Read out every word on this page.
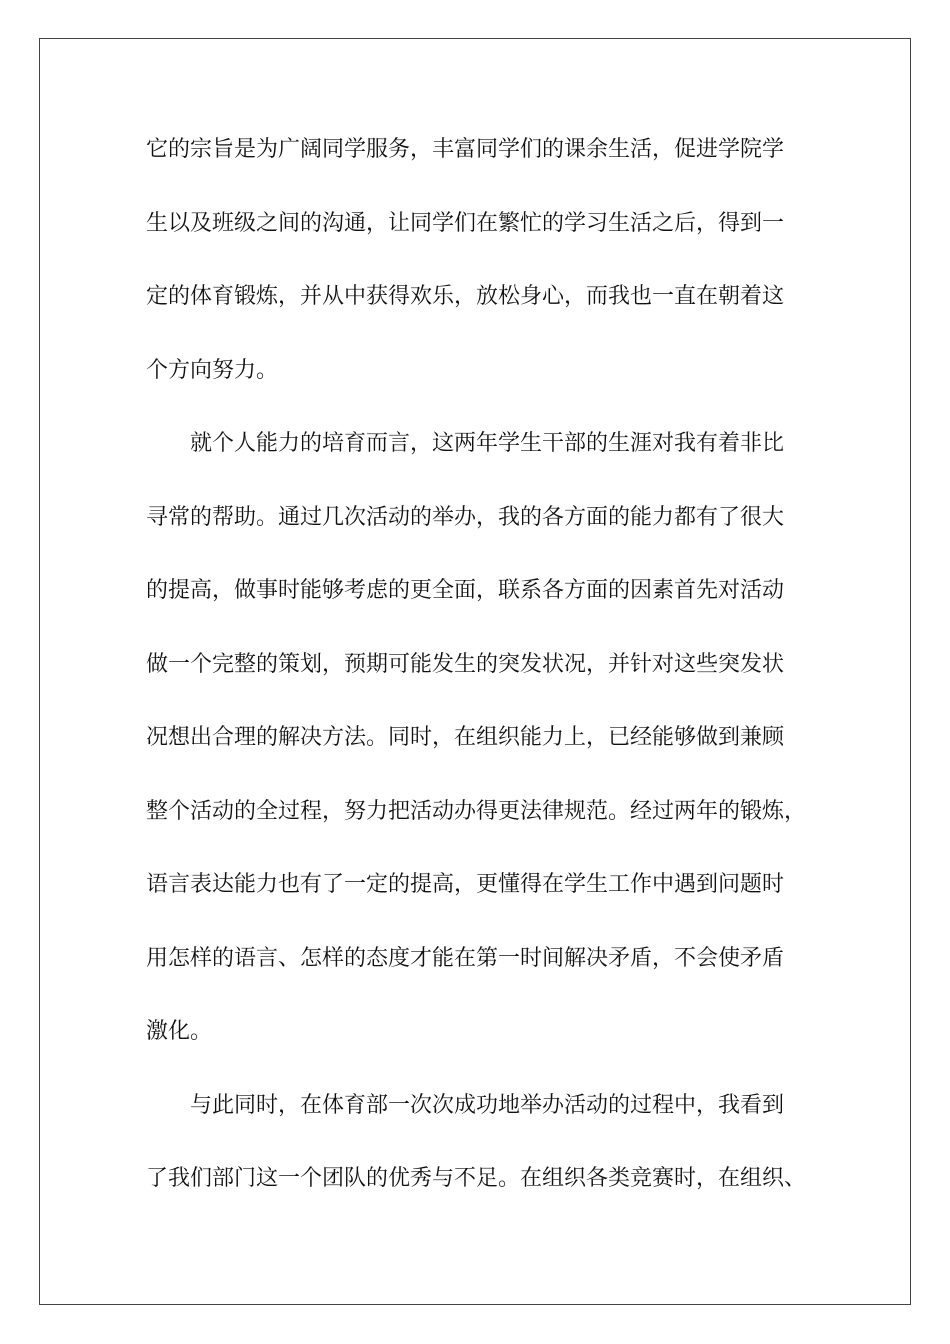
它的宗旨是为广阔同学服务，丰富同学们的课余生活，促进学院学
生以及班级之间的沟通，让同学们在繁忙的学习生活之后，得到一
定的体育锻炼，并从中获得欢乐，放松身心，而我也一直在朝着这
个方向努力。
就个人能力的培育而言，这两年学生干部的生涯对我有着非比
寻常的帮助。通过几次活动的举办，我的各方面的能力都有了很大
的提高，做事时能够考虑的更全面，联系各方面的因素首先对活动
做一个完整的策划，预期可能发生的突发状况，并针对这些突发状
况想出合理的解决方法。同时，在组织能力上，已经能够做到兼顾
整个活动的全过程，努力把活动办得更法律规范。经过两年的锻炼，
语言表达能力也有了一定的提高，更懂得在学生工作中遇到问题时
用怎样的语言、怎样的态度才能在第一时间解决矛盾，不会使矛盾
激化。
与此同时，在体育部一次次成功地举办活动的过程中，我看到
了我们部门这一个团队的优秀与不足。在组织各类竞赛时，在组织、
